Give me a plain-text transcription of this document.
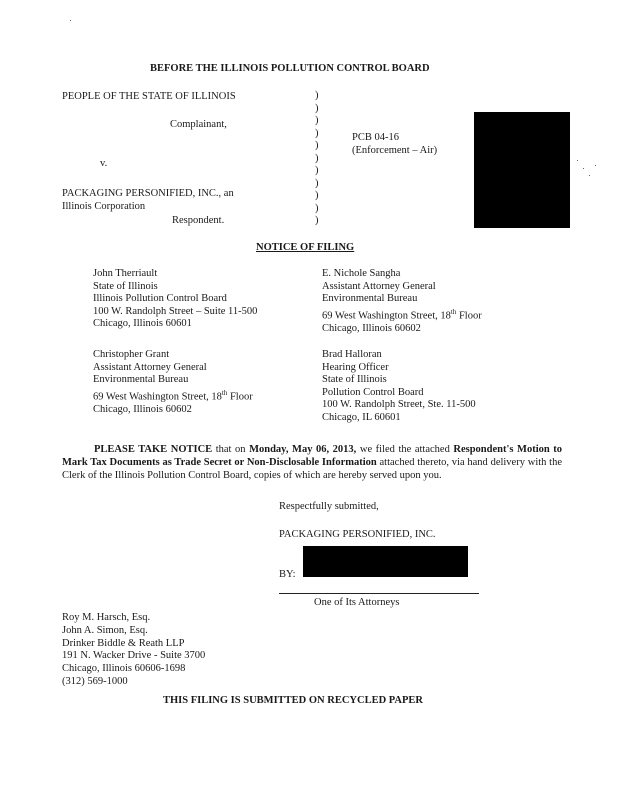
BEFORE THE ILLINOIS POLLUTION CONTROL BOARD
PEOPLE OF THE STATE OF ILLINOIS
Complainant,
v.
PACKAGING PERSONIFIED, INC., an
Illinois Corporation
Respondent.
)
)
)
)
)
)
)
)
)
)
)
PCB 04-16
(Enforcement – Air)
NOTICE OF FILING
John Therriault
State of Illinois
Illinois Pollution Control Board
100 W. Randolph Street – Suite 11-500
Chicago, Illinois 60601
E. Nichole Sangha
Assistant Attorney General
Environmental Bureau
69 West Washington Street, 18th Floor
Chicago, Illinois 60602
Christopher Grant
Assistant Attorney General
Environmental Bureau
69 West Washington Street, 18th Floor
Chicago, Illinois 60602
Brad Halloran
Hearing Officer
State of Illinois
Pollution Control Board
100 W. Randolph Street, Ste. 11-500
Chicago, IL 60601
PLEASE TAKE NOTICE that on Monday, May 06, 2013, we filed the attached Respondent's Motion to Mark Tax Documents as Trade Secret or Non-Disclosable Information attached thereto, via hand delivery with the Clerk of the Illinois Pollution Control Board, copies of which are hereby served upon you.
Respectfully submitted,
PACKAGING PERSONIFIED, INC.
BY:
One of Its Attorneys
Roy M. Harsch, Esq.
John A. Simon, Esq.
Drinker Biddle & Reath LLP
191 N. Wacker Drive - Suite 3700
Chicago, Illinois 60606-1698
(312) 569-1000
THIS FILING IS SUBMITTED ON RECYCLED PAPER
